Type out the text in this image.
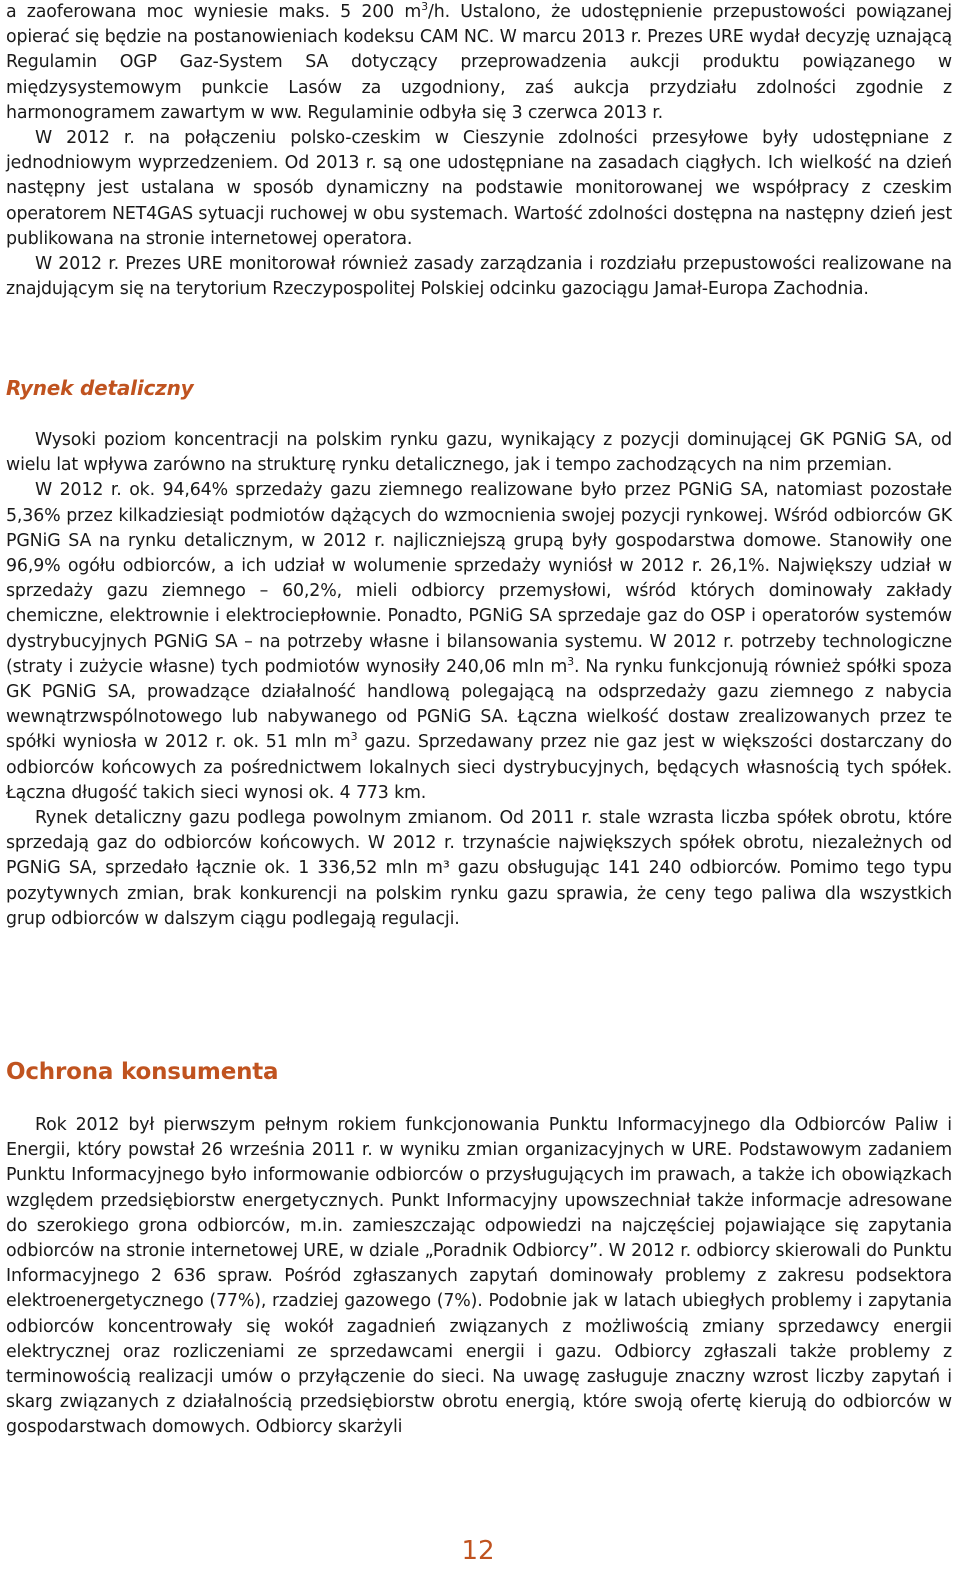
a zaoferowana moc wyniesie maks. 5 200 $m^3/h$. Ustalono, że udostępnienie przepustowości powiązanej opierać się będzie na postanowieniach kodeksu CAM NC. W marcu 2013 r. Prezes URE wydał decyzję uznającą Regulamin OGP Gaz-System SA dotyczący przeprowadzenia aukcji produktu powiązanego w międzysystemowym punkcie Lasów za uzgodniony, zaś aukcja przydziału zdolności zgodnie z harmonogramem zawartym w ww. Regulaminie odbyła się 3 czerwca 2013 r.

W 2012 r. na połączeniu polsko-czeskim w Cieszynie zdolności przesyłowe były udostępniane z jednodniowym wyprzedzeniem. Od 2013 r. są one udostępniane na zasadach ciągłych. Ich wielkość na dzień następny jest ustalana w sposób dynamiczny na podstawie monitorowanej we współpracy z czeskim operatorem NET4GAS sytuacji ruchowej w obu systemach. Wartość zdolności dostępna na następny dzień jest publikowana na stronie internetowej operatora.

W 2012 r. Prezes URE monitorował również zasady zarządzania i rozdziału przepustowości realizowane na znajdującym się na terytorium Rzeczypospolitej Polskiej odcinku gazociągu Jamał-Europa Zachodnia.

Rynek detaliczny

Wysoki poziom koncentracji na polskim rynku gazu, wynikający z pozycji dominującej GK PGNiG SA, od wielu lat wpływa zarówno na strukturę rynku detalicznego, jak i tempo zachodzących na nim przemian.

W 2012 r. ok. 94,64% sprzedaży gazu ziemnego realizowane było przez PGNiG SA, natomiast pozostałe 5,36% przez kilkadziesiąt podmiotów dążących do wzmocnienia swojej pozycji rynkowej. Wśród odbiorców GK PGNiG SA na rynku detalicznym, w 2012 r. najliczniejszą grupą były gospodarstwa domowe. Stanowiły one 96,9% ogółu odbiorców, a ich udział w wolumenie sprzedaży wyniósł w 2012 r. 26,1%. Największy udział w sprzedaży gazu ziemnego – 60,2%, mieli odbiorcy przemysłowi, wśród których dominowały zakłady chemiczne, elektrownie i elektrociepłownie. Ponadto, PGNiG SA sprzedaje gaz do OSP i operatorów systemów dystrybucyjnych PGNiG SA – na potrzeby własne i bilansowania systemu. W 2012 r. potrzeby technologiczne (straty i zużycie własne) tych podmiotów wynosiły 240,06 mln $m^3$. Na rynku funkcjonują również spółki spoza GK PGNiG SA, prowadzące działalność handlową polegającą na odsprzedaży gazu ziemnego z nabycia wewnątrzwspólnotowego lub nabywanego od PGNiG SA. Łączna wielkość dostaw zrealizowanych przez te spółki wyniosła w 2012 r. ok. 51 mln $m^3$ gazu. Sprzedawany przez nie gaz jest w większości dostarczany do odbiorców końcowych za pośrednictwem lokalnych sieci dystrybucyjnych, będących własnością tych spółek. Łączna długość takich sieci wynosi ok. 4 773 km.

Rynek detaliczny gazu podlega powolnym zmianom. Od 2011 r. stale wzrasta liczba spółek obrotu, które sprzedają gaz do odbiorców końcowych. W 2012 r. trzynaście największych spółek obrotu, niezależnych od PGNiG SA, sprzedało łącznie ok. 1 336,52 mln m³ gazu obsługując 141 240 odbiorców. Pomimo tego typu pozytywnych zmian, brak konkurencji na polskim rynku gazu sprawia, że ceny tego paliwa dla wszystkich grup odbiorców w dalszym ciągu podlegają regulacji.

Ochrona konsumenta

Rok 2012 był pierwszym pełnym rokiem funkcjonowania Punktu Informacyjnego dla Odbiorców Paliw i Energii, który powstał 26 września 2011 r. w wyniku zmian organizacyjnych w URE. Podstawowym zadaniem Punktu Informacyjnego było informowanie odbiorców o przysługujących im prawach, a także ich obowiązkach względem przedsiębiorstw energetycznych. Punkt Informacyjny upowszechniał także informacje adresowane do szerokiego grona odbiorców, m.in. zamieszczając odpowiedzi na najczęściej pojawiające się zapytania odbiorców na stronie internetowej URE, w dziale „Poradnik Odbiorcy”. W 2012 r. odbiorcy skierowali do Punktu Informacyjnego 2 636 spraw. Pośród zgłaszanych zapytań dominowały problemy z zakresu podsektora elektroenergetycznego (77%), rzadziej gazowego (7%). Podobnie jak w latach ubiegłych problemy i zapytania odbiorców koncentrowały się wokół zagadnień związanych z możliwością zmiany sprzedawcy energii elektrycznej oraz rozliczeniami ze sprzedawcami energii i gazu. Odbiorcy zgłaszali także problemy z terminowością realizacji umów o przyłączenie do sieci. Na uwagę zasługuje znaczny wzrost liczby zapytań i skarg związanych z działalnością przedsiębiorstw obrotu energią, które swoją ofertę kierują do odbiorców w gospodarstwach domowych. Odbiorcy skarżyli

12
